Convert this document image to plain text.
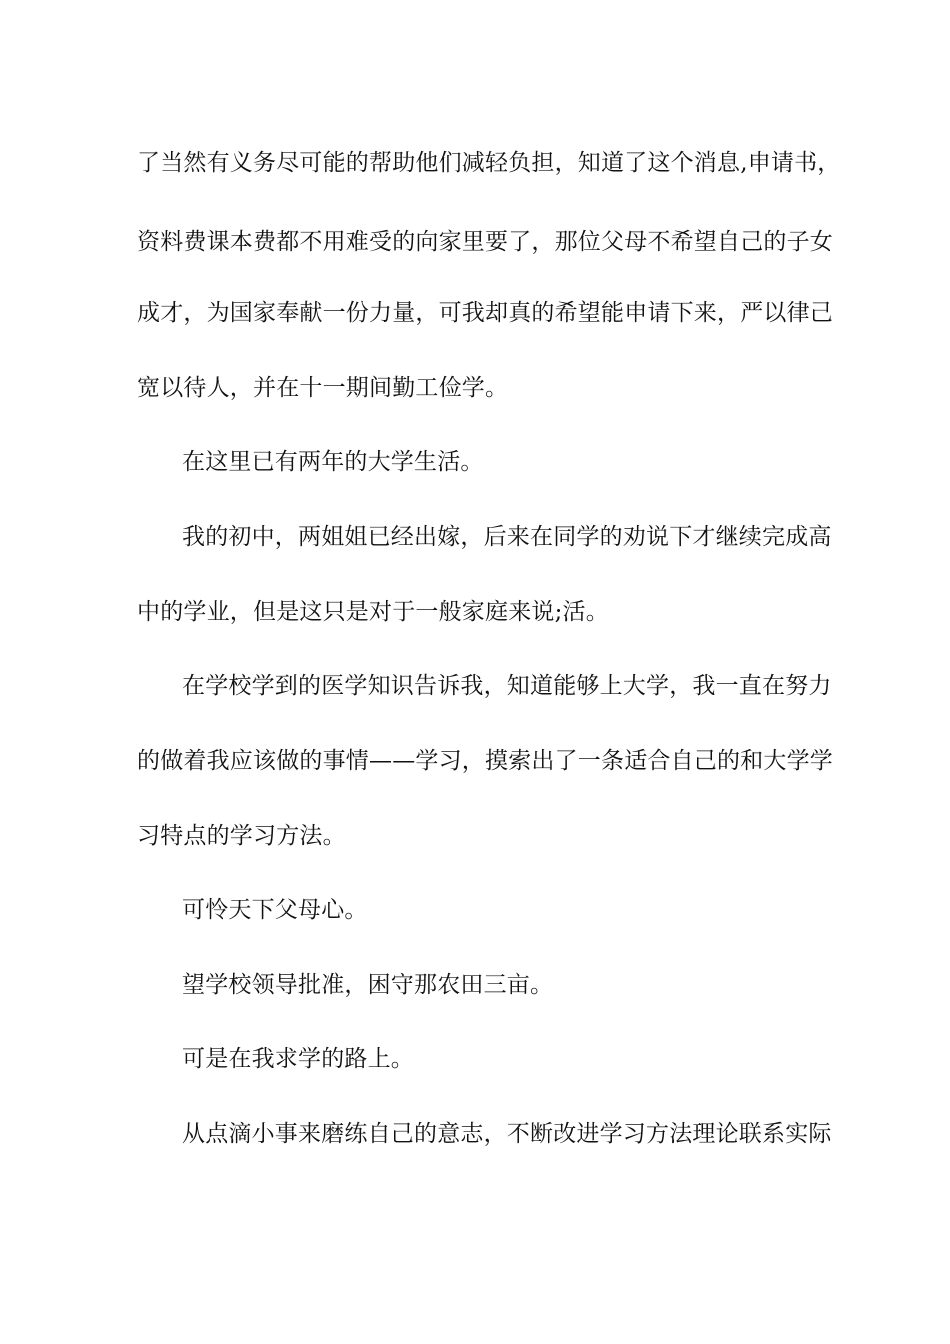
了当然有义务尽可能的帮助他们减轻负担，知道了这个消息,申请书，
资料费课本费都不用难受的向家里要了，那位父母不希望自己的子女
成才，为国家奉献一份力量，可我却真的希望能申请下来，严以律己
宽以待人，并在十一期间勤工俭学。
在这里已有两年的大学生活。
我的初中，两姐姐已经出嫁，后来在同学的劝说下才继续完成高
中的学业，但是这只是对于一般家庭来说;活。
在学校学到的医学知识告诉我，知道能够上大学，我一直在努力
的做着我应该做的事情——学习，摸索出了一条适合自己的和大学学
习特点的学习方法。
可怜天下父母心。
望学校领导批准，困守那农田三亩。
可是在我求学的路上。
从点滴小事来磨练自己的意志，不断改进学习方法理论联系实际
